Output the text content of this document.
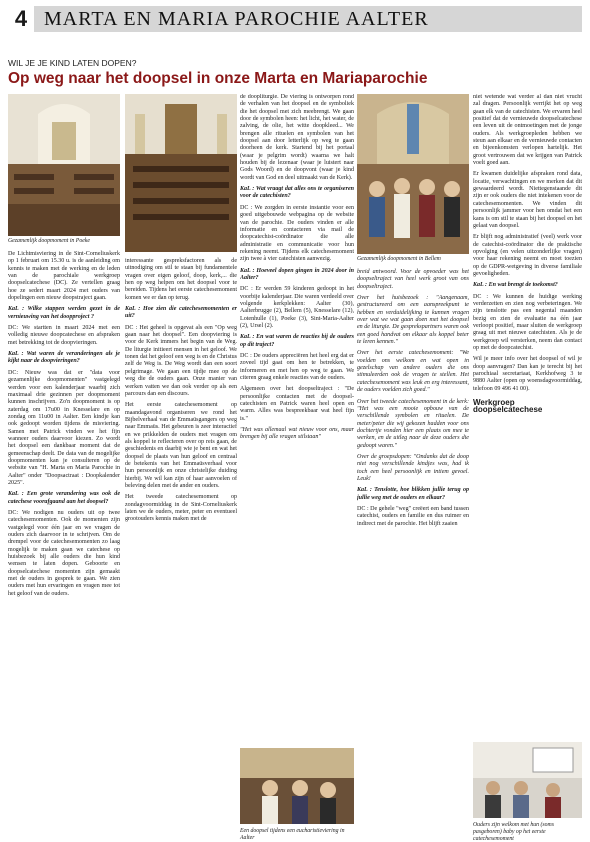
4 MARTA EN MARIA PAROCHIE AALTER
WIL JE JE KIND LATEN DOPEN?
Op weg naar het doopsel in onze Marta en Mariaparochie
Gezamenlijk doopmoment in Poeke

De Lichtmisviering in de Sint-Corneliuskerk op 1 februari om 15.30 u. is de aanleiding om kennis te maken met de werking en de leden van de parochiale werkgroep doopselcatechese (DC). Ze vertellen graag hoe ze sedert maart 2024 met ouders van dopelingen een nieuw doopstraject gaan.

KaL : Wilke stappen werden gezet in de vernieuwing van het doopproject ?

DC: We startten in maart 2024 met een volledig nieuwe doopcatechese en afspraken met betrekking tot de doopvieringen.

KaL : Wat waren de veranderingen als je kijkt naar de doopvieringen?

DC: Nieuw was dat er "data voor gezamenlijke doopmomenten" vastgelegd werden voor een kalenderjaar waarbij zich maximaal drie gezinnen per doopmoment kunnen inschrijven. Zo'n doopmoment is op zaterdag om 17u00 in Knesselare en op zondag om 11u00 in Aalter. Een kindje kan ook gedoopt worden tijdens de misviering. Samen met Patrick vinden we het fijn wanneer ouders daarvoor kiezen. Zo wordt het doopsel een dankbaar moment dat de gemeenschap deelt. De data van de mogelijke doopmomenten kan je consulteren op de website van "H. Marta en Maria Parochie in Aalter" onder "Doopsactraat : Doopkalender 2025".

KaL : Een grote verandering was ook de catechese voorafgaand aan het doopsel?

DC: We nodigen nu ouders uit op twee catechesemomenten. Ook de momenten zijn vastgelegd voor één jaar en we vragen de ouders zich daarvoor in te schrijven. Om de drempel voor de catechesemomenten zo laag mogelijk te maken gaan we catechese op huisbezoek bij alle ouders die hun kind wensen te laten dopen. Geboorte en doopselcatechese momenten zijn gemaakt met de ouders in gesprek te gaan. We zien ouders met hun ervaringen en vragen mee tot het geloof van de ouders.

interessante gespreksfactoren als de uitnodiging om stil te staan bij fundamentele vragen over eigen geloof, doop, kerk,... die hen op weg helpen om het doopsel voor te bereiden. Tijdens het eerste catechesemoment komen we er dan op terug.

KaL : Hoe zien die catechesemomenten er uit?

DC : Het geheel is opgevat als een "Op weg gaan naar het doopsel". Een doopviering is voor de Kerk immers het begin van de Weg. De liturgie initieert mensen in het geloof. We tonen dat het geloof een weg is en de Christus zelf de Weg is. De Weg wordt dan een soort pelgrimage. We gaan een tijdje mee op de weg die de ouders gaan. Onze manier van werken vatten we dan ook verder op als een parcours dan een discours.

Het eerste catechesemoment op maandagavond organiseren we rond het Bijbelverhaal van de Emmaüsgangers op weg naar Emmaüs. Het gebeuren is zeer interactief en we prikkelden de ouders met vragen om als koppel te reflecteren over op reis gaan, de geschiedenis en daarbij wie je bent en wat het doopsel de plaats van hun geloof en centraal de betekenis van het Emmaüsverhaal voor hun persoonlijk en onze christelijke duiding hierbij. We wil kan zijn of haar aanvoelen of beleving delen met de ander en ouders.

Het tweede catechesemoment op zondagvoormiddag in de Sint-Corneliuskerk laten we de ouders, meter, peter en eventueel grootouders kennis maken met de

de doopliturgie. De viering is ontworpen rond de verhalen van het doopsel en de symboliek die het doopsel met zich meebrengt. We gaan door de symbolen heen: het licht, het water, de zalving, de olie, het witte doopkleed... We brengen alle rituelen en symbolen van het doopsel aan door letterlijk op weg te gaan doorheen de kerk. Startend bij het portaal (waar je pelgrim wordt) waarna we halt houden bij de lezenaar (waar je luistert naar Gods Woord) en de doopvont (waar je kind wordt van God en deel uitmaakt van de Kerk).

KaL : Wat vraagt dat alles ons te organiseren voor de catechisten?

DC : We zorgden in eerste instantie voor een goed uitgebouwde webpagina op de website van de parochie. De ouders vinden er alle informatie en contacteren via mail de doopcatechist-coördinator die alle administratie en communicatie voor hun rekening neemt. Tijdens elk catechesemoment zijn twee à vier catechisten aanwezig.

KaL : Hoeveel dopen gingen in 2024 door in Aalter?

DC : Er werden 59 kinderen gedoopt in het voorbije kalenderjaar. Die waren verdeeld over volgende kerkplekken: Aalter (30), Aalterbrugge (2), Bellem (5), Knesselare (12), Lotenhulle (1), Poeke (3), Sint-Maria-Aalter (2), Ursel (2).

KaL : En wat waren de reacties bij de ouders op dit traject?

DC : De ouders appreciëren het heel erg dat er zoveel tijd gaat om hen te betrekken, te informeren en met hen op weg te gaan. We citeren graag enkele reacties van de ouders.

Algemeen over het doopseltraject : "De persoonlijke contacten met de doopselcatechisten en Patrick waren heel open en warm. Alles was bespreekbaar wat heel fijn is."

"Het was allemaal wat nieuw voor ons, maar brengen bij alle vragen stilstaan"

Gezamenlijk doopmoment in Bellem

breid antwoord. Voor de opvoeder was het doopseltraject van heel werk groot van ons doopseltraject.

Over het huisbezoek : "Aangenaam, gestructureerd om een aanspreekpunt te hebben en verduidelijking te kunnen vragen over wat we wat gaan doen met het doopsel en de liturgie. De gesprekspartners waren ook een goed handvat om elkaar als koppel beter te leren kennen."

Over het eerste catechesemoment: "We voelden ons welkom en wat open in gezelschap van andere ouders die ons stimuleerden ook de vragen te stellen. Het catechesemoment was leuk en erg interessant, de ouders voelden zich goed."

Over het tweede catechesemoment in de kerk: "Het was een mooie opbouw van de verschillende symbolen en rituelen. De meter/peter die wij gekozen hadden voor ons dochtertje vonden hier een plaats om mee te werken, en de uitleg naar de deze ouders die gedoopt waren."

Over de groepsdopen: "Ondanks dat de doop niet nog verschillende kindjes was, had ik toch een heel persoonlijk en intiem gevoel. Leuk!

KaL : Tenslotte, hoe blikken jullie terug op jullie weg met de ouders en elkaar?

DC : De gehele "weg" creëert een band tussen catechist, ouders en familie en dus ruimer en indirect met de parochie. Het blijft zaaien

niet wetende wat verder al dan niet vrucht zal dragen. Persoonlijk verrijkt het op weg gaan elk van de catechisten. We ervaren heel positief dat de vernieuwde doopselcatechese een leven uit de ontmoetingen met de jonge ouders. Als werkgroepleden hebben we steun aan elkaar en de vernieuwde contacten en bijeenkomsten verlopen hartelijk. Het groot vertrouwen dat we krijgen van Patrick voelt goed aan.

Er kwamen duidelijke afspraken rond data, locatie, verwachtingen en we merken dat dit gewaardeerd wordt. Niettegenstaande dit zijn er ook ouders die niet intekenen voor de catechesemomenten. We vinden dit persoonlijk jammer voor hen omdat het een kans is om stil te staan bij het doopsel en het gelaat van doopsel.

Er blijft nog administratief (veel) werk voor de catechist-coördinator die de praktische opvolging (en velen uitzonderlijke vragen) voor haar rekening neemt en moet toezien op de GDPR-wetgeving in diverse familiale gevoeligheden.

KaL : En wat brengt de toekomst?

DC : We kunnen de huidige werking verderzetten en zien nog verbeteringen. We zijn tenslotte pas een negental maanden bezig en zien de evaluatie na één jaar verloopt positief, maar sluiten de werkgroep graag uit met nieuwe catechisten. Als je de werkgroep wil versterken, neem dan contact op met de doopcatechist.

Wil je meer info over het doopsel of wil je doop aanvragen? Dan kan je terecht bij het parochiaal secretariaat, Kerkhofweg 3 te 9880 Aalter (open op woensdagvoormiddag, telefoon 09 496 41 00).

Werkgroep doopselcatechese
Een doopsel tijdens een eucharistieviering in Aalter
Ouders zijn welkom met hun (soms pasgeboren) baby op het eerste catechesemoment
